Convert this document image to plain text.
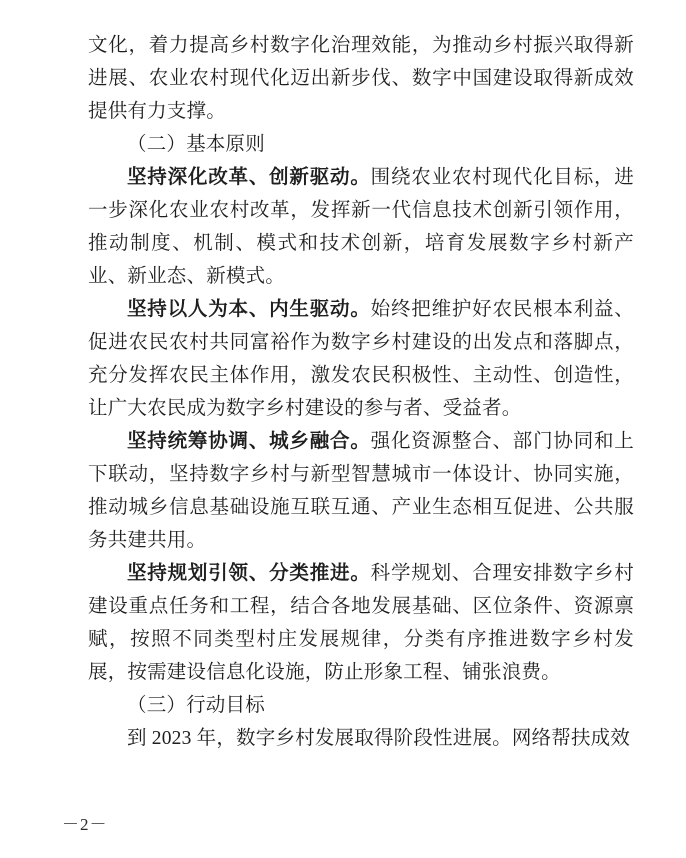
文化，着力提高乡村数字化治理效能，为推动乡村振兴取得新进展、农业农村现代化迈出新步伐、数字中国建设取得新成效提供有力支撑。

（二）基本原则

坚持深化改革、创新驱动。围绕农业农村现代化目标，进一步深化农业农村改革，发挥新一代信息技术创新引领作用，推动制度、机制、模式和技术创新，培育发展数字乡村新产业、新业态、新模式。

坚持以人为本、内生驱动。始终把维护好农民根本利益、促进农民农村共同富裕作为数字乡村建设的出发点和落脚点，充分发挥农民主体作用，激发农民积极性、主动性、创造性，让广大农民成为数字乡村建设的参与者、受益者。

坚持统筹协调、城乡融合。强化资源整合、部门协同和上下联动，坚持数字乡村与新型智慧城市一体设计、协同实施，推动城乡信息基础设施互联互通、产业生态相互促进、公共服务共建共用。

坚持规划引领、分类推进。科学规划、合理安排数字乡村建设重点任务和工程，结合各地发展基础、区位条件、资源禀赋，按照不同类型村庄发展规律，分类有序推进数字乡村发展，按需建设信息化设施，防止形象工程、铺张浪费。

（三）行动目标

到 2023 年，数字乡村发展取得阶段性进展。网络帮扶成效

－2－
